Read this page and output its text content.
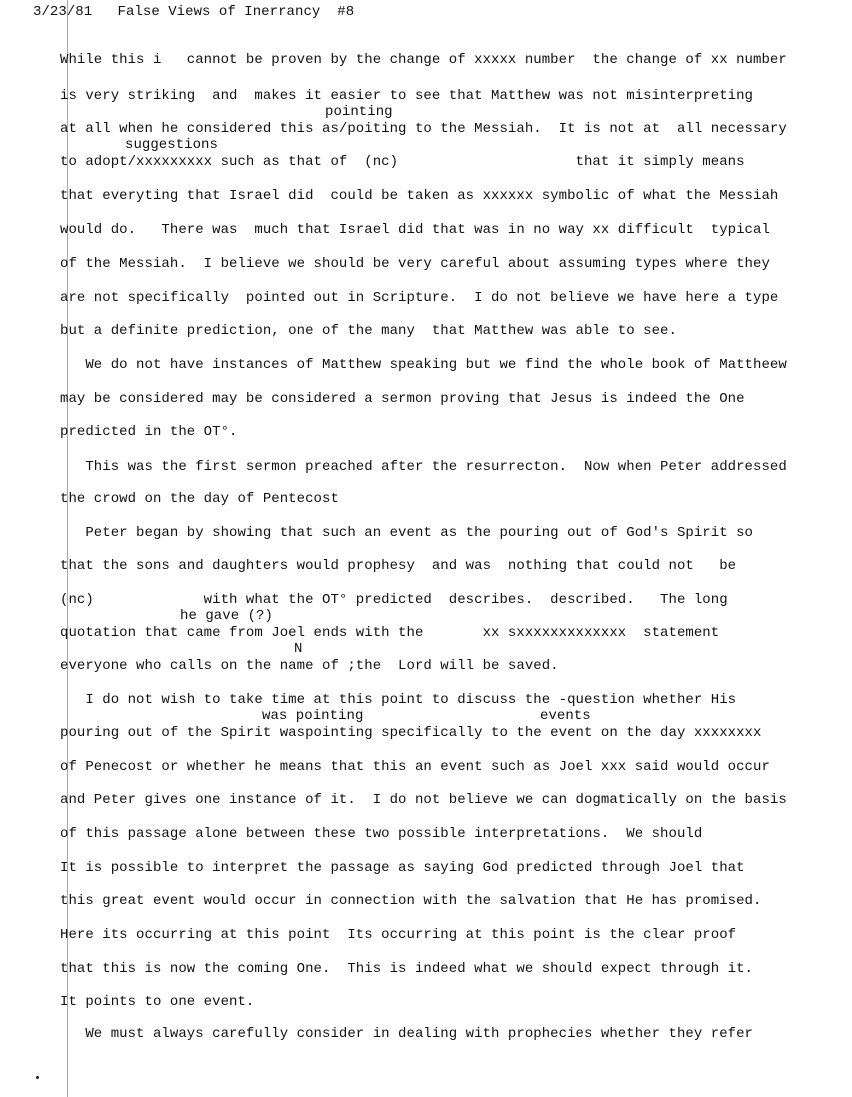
3/23/81   False Views of Inerrancy  #8
While this i   cannot be proven by the change of xxxxx number  the change of xx number
is very striking  and  makes it easier to see that Matthew was not misinterpreting
pointing
at all when he considered this as/poiting to the Messiah.  It is not at  all necessary
suggestions
to adopt/xxxxxxxxx such as that of  (nc)                     that it simply means
that everyting that Israel did  could be taken as xxxxxx symbolic of what the Messiah
would do.   There was  much that Israel did that was in no way xx difficult  typical
of the Messiah.  I believe we should be very careful about assuming types where they
are not specifically  pointed out in Scripture.  I do not believe we have here a type
but a definite prediction, one of the many  that Matthew was able to see.
We do not have instances of Matthew speaking but we find the whole book of Mattheew
may be considered may be considered a sermon proving that Jesus is indeed the One
predicted in the OT°.
This was the first sermon preached after the resurrecton.  Now when Peter addressed
the crowd on the day of Pentecost
Peter began by showing that such an event as the pouring out of God's Spirit so
that the sons and daughters would prophesy  and was  nothing that could not   be
(nc)             with what the OT° predicted  describes.  described.   The long
he gave (?)
quotation that came from Joel ends with the       xx sxxxxxxxxxxxxx  statement
N
everyone who calls on the name of ;the  Lord will be saved.
I do not wish to take time at this point to discuss the -question whether His
was pointing	events
pouring out of the Spirit waspointing specifically to the event on the day xxxxxxxx
of Penecost or whether he means that this an event such as Joel xxx said would occur
and Peter gives one instance of it.  I do not believe we can dogmatically on the basis
of this passage alone between these two possible interpretations.  We should
It is possible to interpret the passage as saying God predicted through Joel that
this great event would occur in connection with the salvation that He has promised.
Here its occurring at this point  Its occurring at this point is the clear proof
that this is now the coming One.  This is indeed what we should expect through it.
It points to one event.
We must always carefully consider in dealing with prophecies whether they refer
